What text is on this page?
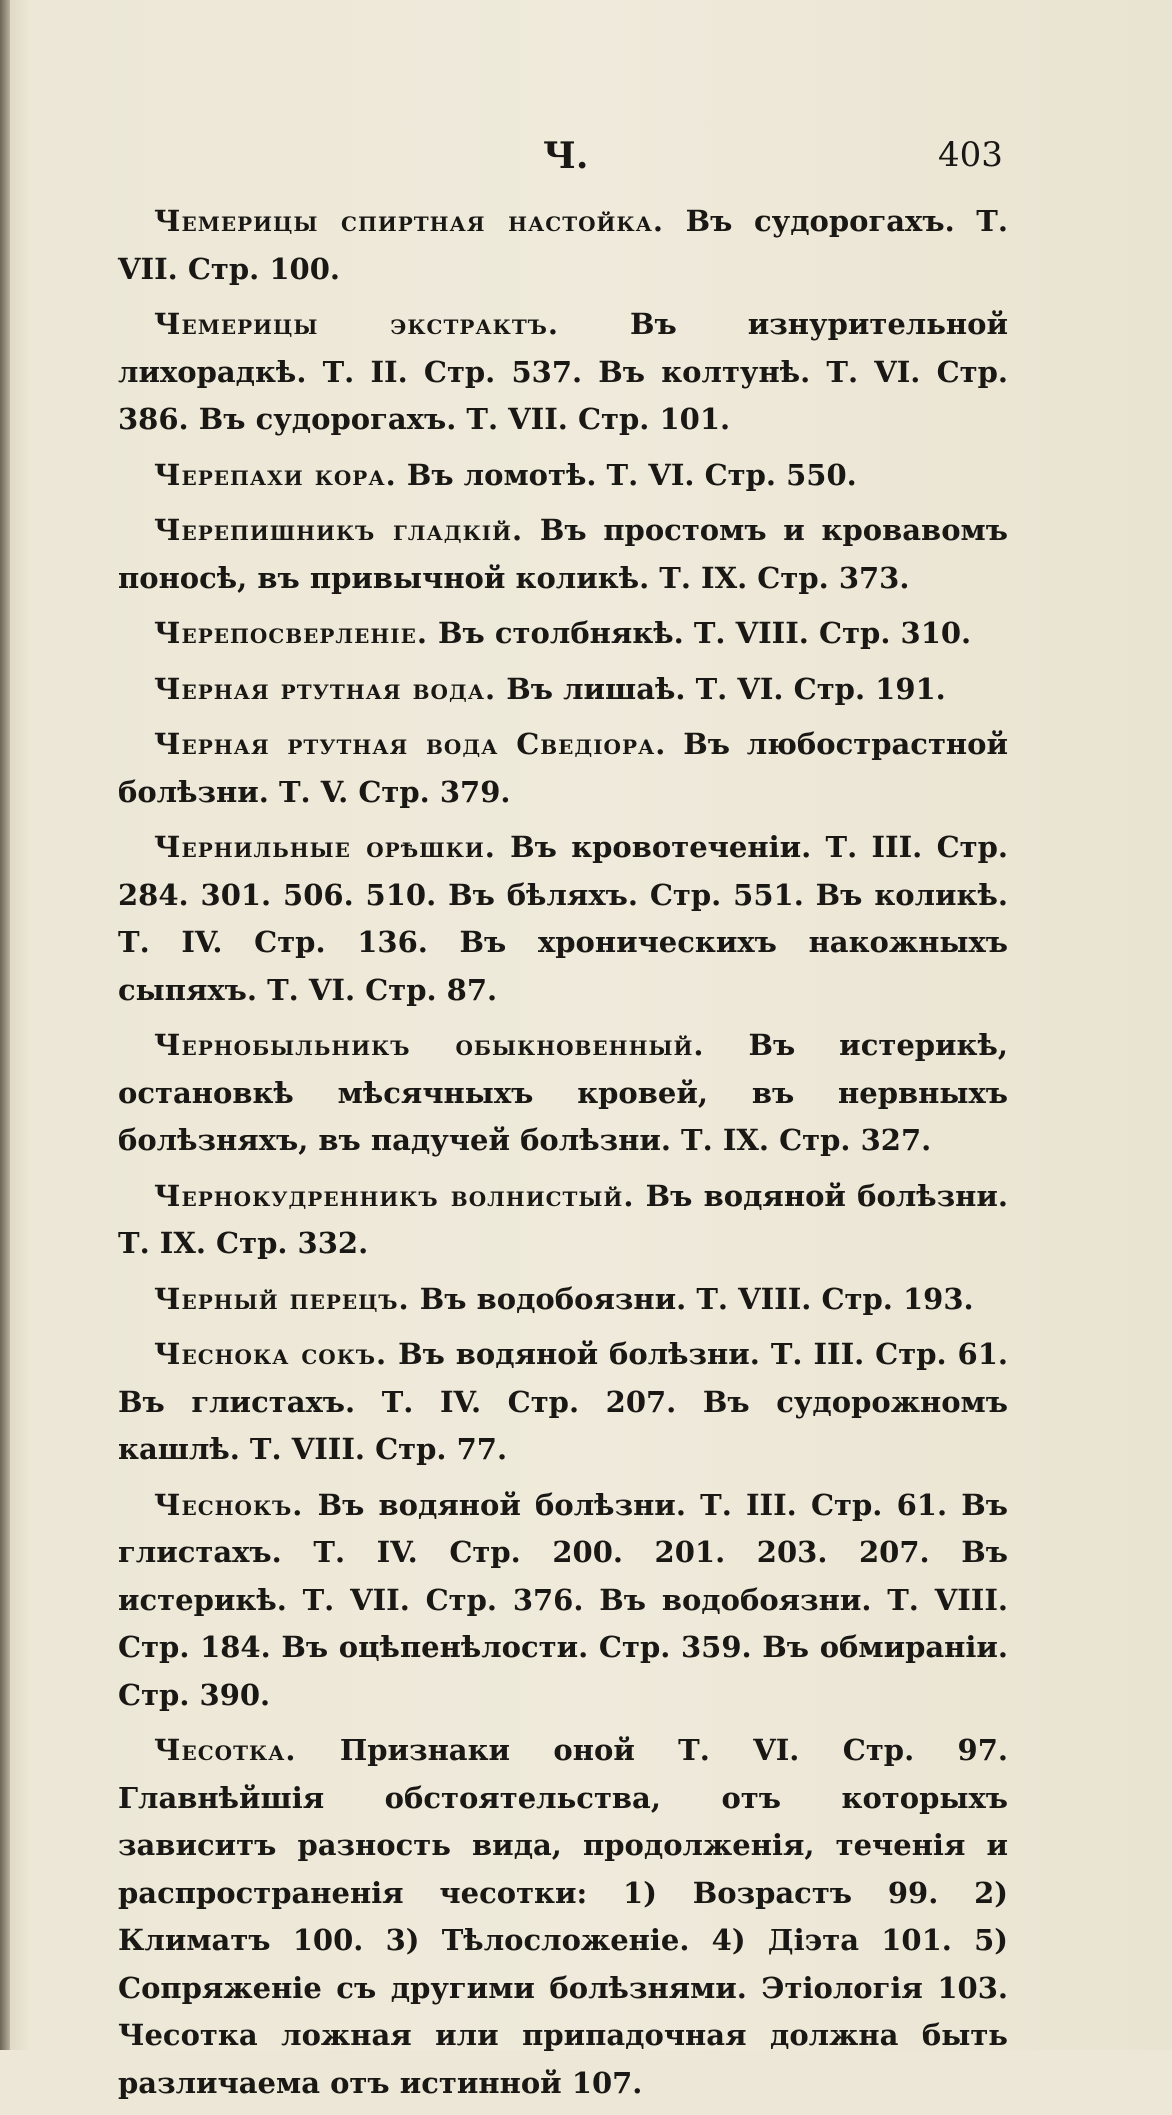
Ч.	403

Чемерицы спиртная настойка. Въ судорогахъ. Т. VII. Стр. 100.

Чемерицы экстрактъ. Въ изнурительной лихорадкѣ. Т. II. Стр. 537. Въ колтунѣ. Т. VI. Стр. 386. Въ судорогахъ. Т. VII. Стр. 101.

Черепахи кора. Въ ломотѣ. Т. VI. Стр. 550.

Черепишникъ гладкій. Въ простомъ и кровавомъ поносѣ, въ привычной коликѣ. Т. IX. Стр. 373.

Черепосверленіе. Въ столбнякѣ. Т. VIII. Стр. 310.

Черная ртутная вода. Въ лишаѣ. Т. VI. Стр. 191.

Черная ртутная вода Сведіора. Въ любострастной болѣзни. Т. V. Стр. 379.

Чернильные орѣшки. Въ кровотеченіи. Т. III. Стр. 284. 301. 506. 510. Въ бѣляхъ. Стр. 551. Въ коликѣ. Т. IV. Стр. 136. Въ хроническихъ накожныхъ сыпяхъ. Т. VI. Стр. 87.

Чернобыльникъ обыкновенный. Въ истерикѣ, остановкѣ мѣсячныхъ кровей, въ нервныхъ болѣзняхъ, въ падучей болѣзни. Т. IX. Стр. 327.

Чернокудренникъ волнистый. Въ водяной болѣзни. Т. IX. Стр. 332.

Черный перецъ. Въ водобоязни. Т. VIII. Стр. 193.

Чеснока сокъ. Въ водяной болѣзни. Т. III. Стр. 61. Въ глистахъ. Т. IV. Стр. 207. Въ судорожномъ кашлѣ. Т. VIII. Стр. 77.

Чеснокъ. Въ водяной болѣзни. Т. III. Стр. 61. Въ глистахъ. Т. IV. Стр. 200. 201. 203. 207. Въ истерикѣ. Т. VII. Стр. 376. Въ водобоязни. Т. VIII. Стр. 184. Въ оцѣпенѣлости. Стр. 359. Въ обмираніи. Стр. 390.

Чесотка. Признаки оной Т. VI. Стр. 97. Главнѣйшія обстоятельства, отъ которыхъ зависитъ разность вида, продолженія, теченія и распространенія чесотки: 1) Возрастъ 99. 2) Климатъ 100. 3) Тѣлосложеніе. 4) Діэта 101. 5) Сопряженіе съ другими болѣзнями. Этіологія 103. Чесотка ложная или припадочная должна быть различаема отъ истинной 107.
